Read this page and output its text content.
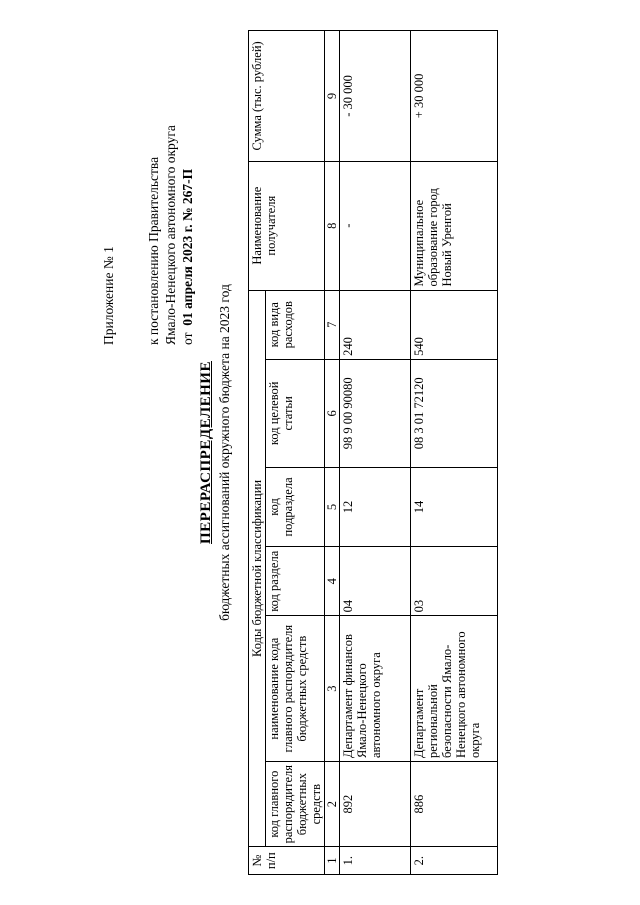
Приложение № 1 к постановлению Правительства Ямало-Ненецкого автономного округа от  01 апреля 2023 г. № 267-П
ПЕРЕРАСПРЕДЕЛЕНИЕ бюджетных ассигнований окружного бюджета на 2023 год
№ п/п	Коды бюджетной классификации						Наименование получателя	Сумма (тыс. рублей)
	код главного распорядителя бюджетных средств	наименование кода главного распорядителя бюджетных средств	код раздела	код подраздела	код целевой статьи	код вида расходов		
1	2	3	4	5	6	7	8	9
1.	892	Департамент финансов Ямало-Ненецкого автономного округа	04	12	98 9 00 90080	240	-	- 30 000
2.	886	Департамент региональной безопасности Ямало-Ненецкого автономного округа	03	14	08 3 01 72120	540	Муниципальное образование город Новый Уренгой	+ 30 000
